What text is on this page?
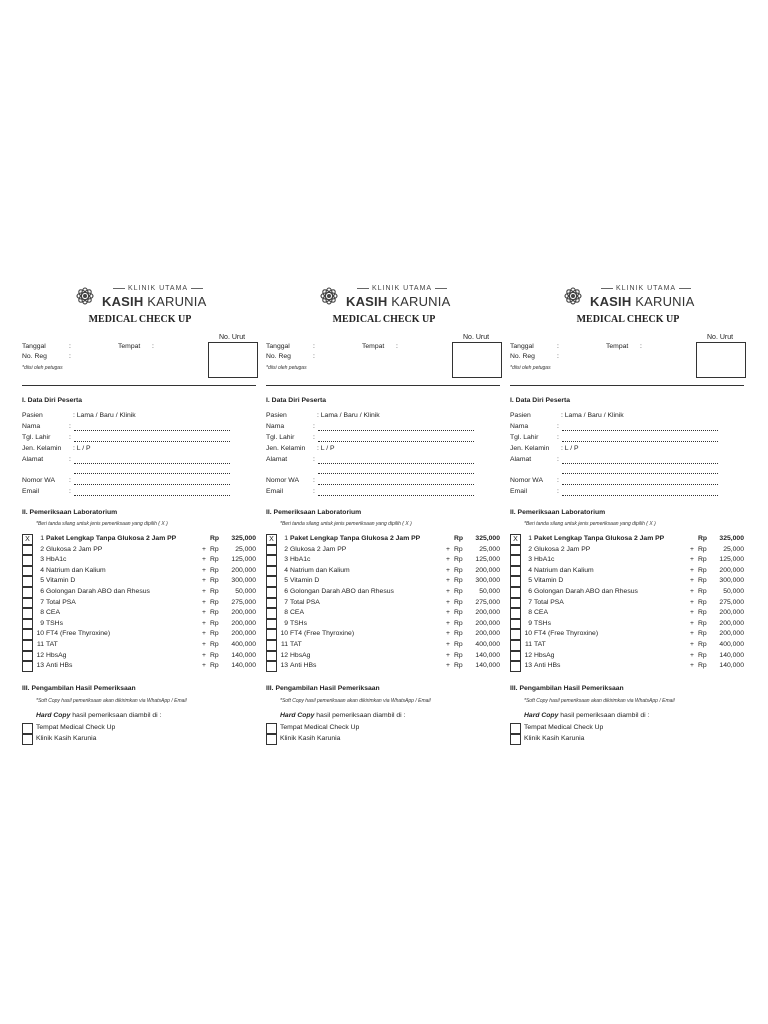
KLINIK UTAMA
KASIH KARUNIA
MEDICAL CHECK UP
No. Urut
Tanggal	:	Tempat :
No. Reg	:
*diisi oleh petugas
I. Data Diri Peserta
Pasien	: Lama / Baru / Klinik
Nama	:
Tgl. Lahir	:
Jen. Kelamin : L / P
Alamat	:
Nomor WA :
Email	:
II. Pemeriksaan Laboratorium
*Beri tanda silang untuk jenis pemeriksaan yang dipilih ( X )
X	1 Paket Lengkap Tanpa Glukosa 2 Jam PP	Rp	325,000
2 Glukosa 2 Jam PP	+ Rp	25,000
3 HbA1c	+ Rp	125,000
4 Natrium dan Kalium	+ Rp	200,000
5 Vitamin D	+ Rp	300,000
6 Golongan Darah ABO dan Rhesus	+ Rp	50,000
7 Total PSA	+ Rp	275,000
8 CEA	+ Rp	200,000
9 TSHs	+ Rp	200,000
10 FT4 (Free Thyroxine)	+ Rp	200,000
11 TAT	+ Rp	400,000
12 HbsAg	+ Rp	140,000
13 Anti HBs	+ Rp	140,000
III. Pengambilan Hasil Pemeriksaan
*Soft Copy hasil pemeriksaan akan dikirimkan via WhatsApp / Email
Hard Copy hasil pemeriksaan diambil di :
Tempat Medical Check Up
Klinik Kasih Karunia
KLINIK UTAMA
KASIH KARUNIA
MEDICAL CHECK UP
No. Urut
Tanggal	:	Tempat :
No. Reg	:
*diisi oleh petugas
I. Data Diri Peserta
Pasien	: Lama / Baru / Klinik
Nama	:
Tgl. Lahir	:
Jen. Kelamin : L / P
Alamat	:
Nomor WA :
Email	:
II. Pemeriksaan Laboratorium
*Beri tanda silang untuk jenis pemeriksaan yang dipilih ( X )
X	1 Paket Lengkap Tanpa Glukosa 2 Jam PP	Rp	325,000
2 Glukosa 2 Jam PP	+ Rp	25,000
3 HbA1c	+ Rp	125,000
4 Natrium dan Kalium	+ Rp	200,000
5 Vitamin D	+ Rp	300,000
6 Golongan Darah ABO dan Rhesus	+ Rp	50,000
7 Total PSA	+ Rp	275,000
8 CEA	+ Rp	200,000
9 TSHs	+ Rp	200,000
10 FT4 (Free Thyroxine)	+ Rp	200,000
11 TAT	+ Rp	400,000
12 HbsAg	+ Rp	140,000
13 Anti HBs	+ Rp	140,000
III. Pengambilan Hasil Pemeriksaan
*Soft Copy hasil pemeriksaan akan dikirimkan via WhatsApp / Email
Hard Copy hasil pemeriksaan diambil di :
Tempat Medical Check Up
Klinik Kasih Karunia
KLINIK UTAMA
KASIH KARUNIA
MEDICAL CHECK UP
No. Urut
Tanggal	:	Tempat :
No. Reg	:
*diisi oleh petugas
I. Data Diri Peserta
Pasien	: Lama / Baru / Klinik
Nama	:
Tgl. Lahir	:
Jen. Kelamin : L / P
Alamat	:
Nomor WA :
Email	:
II. Pemeriksaan Laboratorium
*Beri tanda silang untuk jenis pemeriksaan yang dipilih ( X )
X	1 Paket Lengkap Tanpa Glukosa 2 Jam PP	Rp	325,000
2 Glukosa 2 Jam PP	+ Rp	25,000
3 HbA1c	+ Rp	125,000
4 Natrium dan Kalium	+ Rp	200,000
5 Vitamin D	+ Rp	300,000
6 Golongan Darah ABO dan Rhesus	+ Rp	50,000
7 Total PSA	+ Rp	275,000
8 CEA	+ Rp	200,000
9 TSHs	+ Rp	200,000
10 FT4 (Free Thyroxine)	+ Rp	200,000
11 TAT	+ Rp	400,000
12 HbsAg	+ Rp	140,000
13 Anti HBs	+ Rp	140,000
III. Pengambilan Hasil Pemeriksaan
*Soft Copy hasil pemeriksaan akan dikirimkan via WhatsApp / Email
Hard Copy hasil pemeriksaan diambil di :
Tempat Medical Check Up
Klinik Kasih Karunia
